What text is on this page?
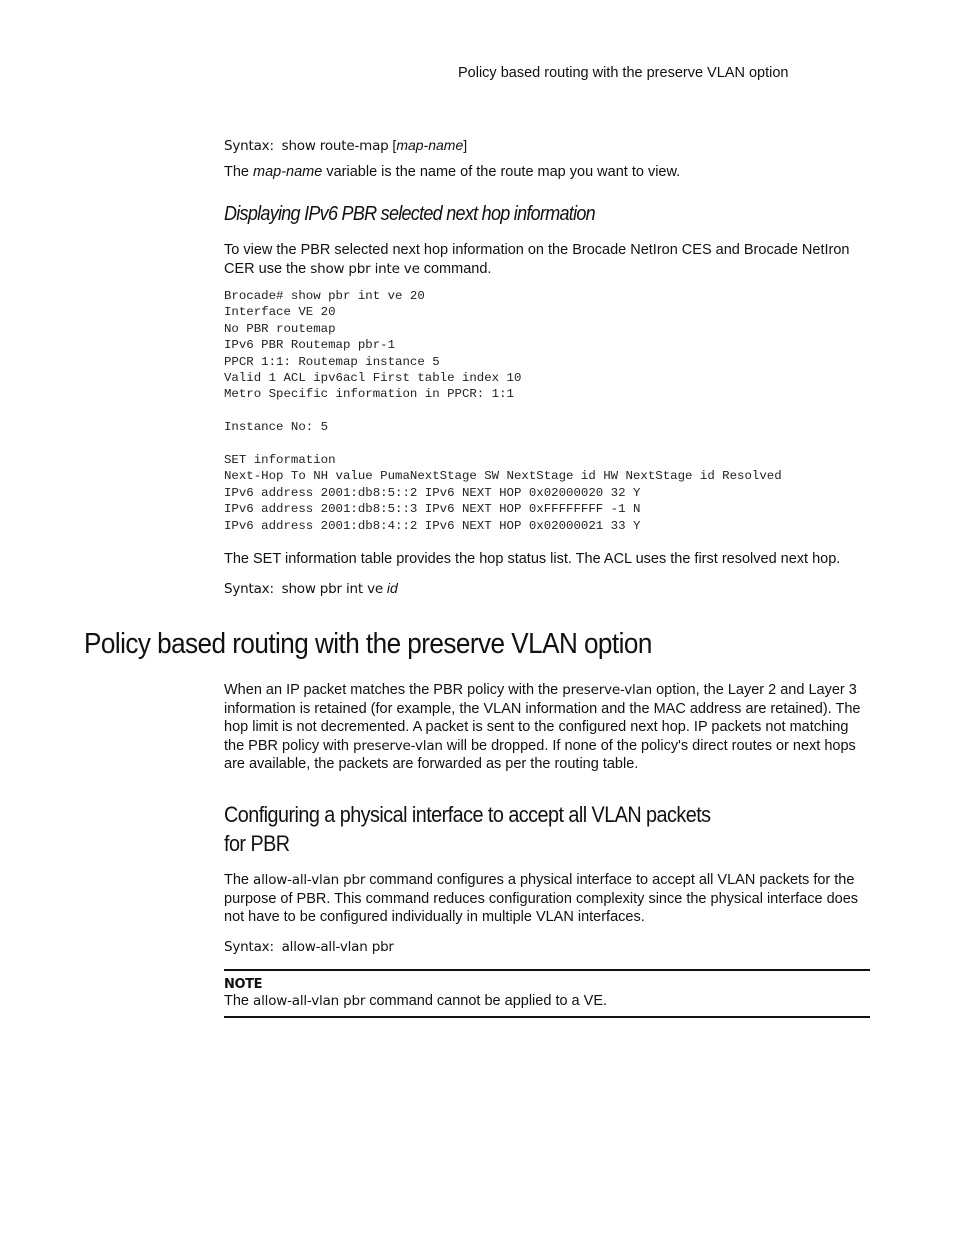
Policy based routing with the preserve VLAN option
Syntax: show route-map [map-name]
The map-name variable is the name of the route map you want to view.
Displaying IPv6 PBR selected next hop information
To view the PBR selected next hop information on the Brocade NetIron CES and Brocade NetIron CER use the show pbr inte ve command.
Brocade# show pbr int ve 20
Interface VE 20
No PBR routemap
IPv6 PBR Routemap pbr-1
PPCR 1:1: Routemap instance 5
Valid 1 ACL ipv6acl First table index 10
Metro Specific information in PPCR: 1:1

Instance No: 5

SET information
Next-Hop To NH value PumaNextStage SW NextStage id HW NextStage id Resolved
IPv6 address 2001:db8:5::2 IPv6 NEXT HOP 0x02000020 32 Y
IPv6 address 2001:db8:5::3 IPv6 NEXT HOP 0xFFFFFFFF -1 N
IPv6 address 2001:db8:4::2 IPv6 NEXT HOP 0x02000021 33 Y
The SET information table provides the hop status list. The ACL uses the first resolved next hop.
Syntax: show pbr int ve id
Policy based routing with the preserve VLAN option
When an IP packet matches the PBR policy with the preserve-vlan option, the Layer 2 and Layer 3 information is retained (for example, the VLAN information and the MAC address are retained). The hop limit is not decremented. A packet is sent to the configured next hop. IP packets not matching the PBR policy with preserve-vlan will be dropped. If none of the policy's direct routes or next hops are available, the packets are forwarded as per the routing table.
Configuring a physical interface to accept all VLAN packets
for PBR
The allow-all-vlan pbr command configures a physical interface to accept all VLAN packets for the purpose of PBR. This command reduces configuration complexity since the physical interface does not have to be configured individually in multiple VLAN interfaces.
Syntax: allow-all-vlan pbr
NOTE
The allow-all-vlan pbr command cannot be applied to a VE.
